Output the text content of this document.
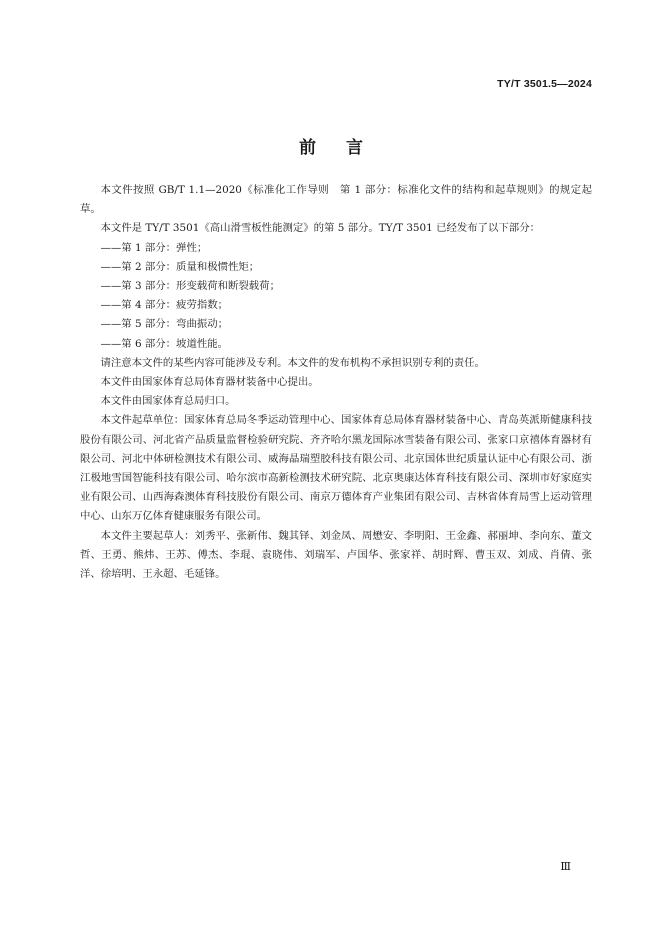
TY/T 3501.5—2024
前言

本文件按照 GB/T 1.1—2020《标准化工作导则　第 1 部分：标准化文件的结构和起草规则》的规定起草。

本文件是 TY/T 3501《高山滑雪板性能测定》的第 5 部分。TY/T 3501 已经发布了以下部分：

——第 1 部分：弹性；

——第 2 部分：质量和极惯性矩；

——第 3 部分：形变载荷和断裂载荷；

——第 4 部分：疲劳指数；

——第 5 部分：弯曲振动；

——第 6 部分：坡道性能。

请注意本文件的某些内容可能涉及专利。本文件的发布机构不承担识别专利的责任。

本文件由国家体育总局体育器材装备中心提出。

本文件由国家体育总局归口。

本文件起草单位：国家体育总局冬季运动管理中心、国家体育总局体育器材装备中心、青岛英派斯健康科技股份有限公司、河北省产品质量监督检验研究院、齐齐哈尔黑龙国际冰雪装备有限公司、张家口京禧体育器材有限公司、河北中体研检测技术有限公司、威海晶瑞塑胶科技有限公司、北京国体世纪质量认证中心有限公司、浙江极地雪国智能科技有限公司、哈尔滨市高新检测技术研究院、北京奥康达体育科技有限公司、深圳市好家庭实业有限公司、山西海森澳体育科技股份有限公司、南京万德体育产业集团有限公司、吉林省体育局雪上运动管理中心、山东万亿体育健康服务有限公司。

本文件主要起草人：刘秀平、张新伟、魏其铎、刘金凤、周懋安、李明阳、王金鑫、郝丽坤、李向东、董文哲、王勇、熊炜、王苏、傅杰、李琨、袁晓伟、刘瑞军、卢国华、张家祥、胡时辉、曹玉双、刘成、肖倩、张洋、徐培明、王永超、毛延锋。

Ⅲ
